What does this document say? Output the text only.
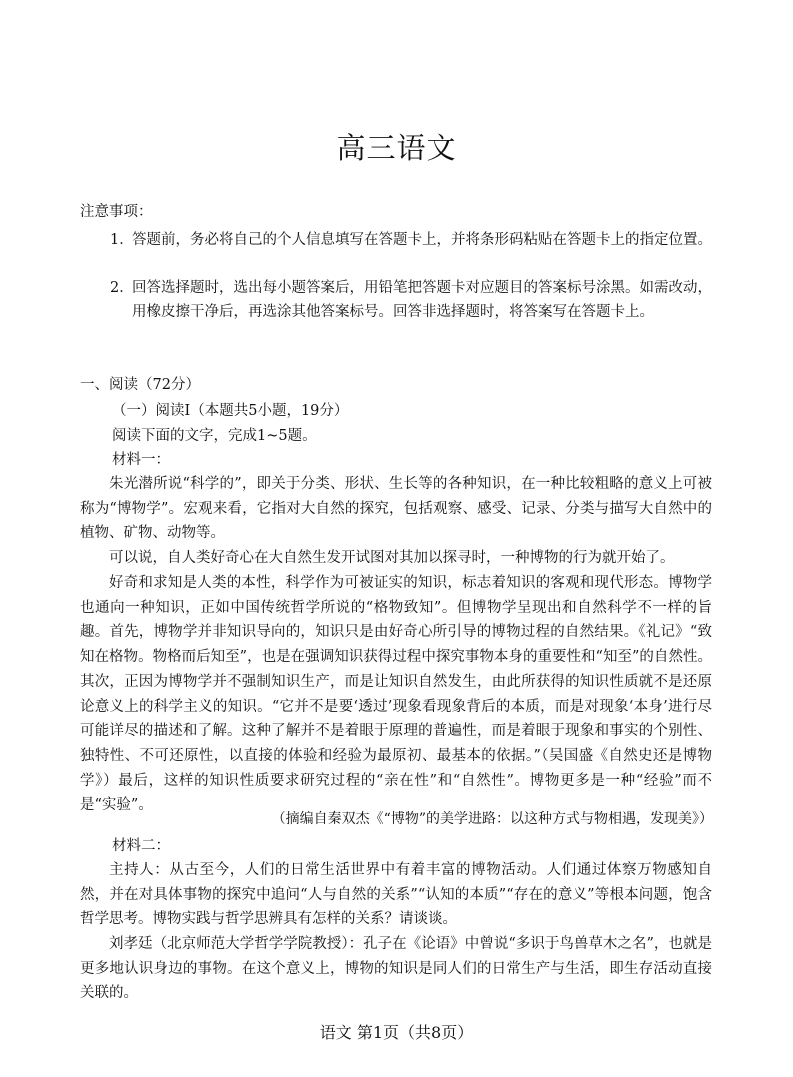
高三语文
注意事项：
1．
答题前，务必将自己的个人信息填写在答题卡上，并将条形码粘贴在答题卡上的指定位置。
2．
回答选择题时，选出每小题答案后，用铅笔把答题卡对应题目的答案标号涂黑。如需改动，用橡皮擦干净后，再选涂其他答案标号。回答非选择题时，将答案写在答题卡上。
一、阅读（72分）
（一）阅读Ⅰ（本题共5小题，19分）
阅读下面的文字，完成1~5题。
材料一：
朱光潜所说“科学的”，即关于分类、形状、生长等的各种知识，在一种比较粗略的意义上可被称为“博物学”。宏观来看，它指对大自然的探究，包括观察、感受、记录、分类与描写大自然中的植物、矿物、动物等。
可以说，自人类好奇心在大自然生发开试图对其加以探寻时，一种博物的行为就开始了。
好奇和求知是人类的本性，科学作为可被证实的知识，标志着知识的客观和现代形态。博物学也通向一种知识，正如中国传统哲学所说的“格物致知”。但博物学呈现出和自然科学不一样的旨趣。首先，博物学并非知识导向的，知识只是由好奇心所引导的博物过程的自然结果。《礼记》“致知在格物。物格而后知至”，也是在强调知识获得过程中探究事物本身的重要性和“知至”的自然性。其次，正因为博物学并不强制知识生产，而是让知识自然发生，由此所获得的知识性质就不是还原论意义上的科学主义的知识。“它并不是要‘透过’现象看现象背后的本质，而是对现象‘本身’进行尽可能详尽的描述和了解。这种了解并不是着眼于原理的普遍性，而是着眼于现象和事实的个别性、独特性、不可还原性，以直接的体验和经验为最原初、最基本的依据。”（吴国盛《自然史还是博物学》）最后，这样的知识性质要求研究过程的“亲在性”和“自然性”。博物更多是一种“经验”而不是“实验”。
（摘编自秦双杰《“博物”的美学进路：以这种方式与物相遇，发现美》）
材料二：
主持人：从古至今，人们的日常生活世界中有着丰富的博物活动。人们通过体察万物感知自然，并在对具体事物的探究中追问“人与自然的关系”“认知的本质”“存在的意义”等根本问题，饱含哲学思考。博物实践与哲学思辨具有怎样的关系？请谈谈。
刘孝廷（北京师范大学哲学学院教授）：孔子在《论语》中曾说“多识于鸟兽草木之名”，也就是更多地认识身边的事物。在这个意义上，博物的知识是同人们的日常生产与生活，即生存活动直接关联的。
语文 第1页（共8页）
